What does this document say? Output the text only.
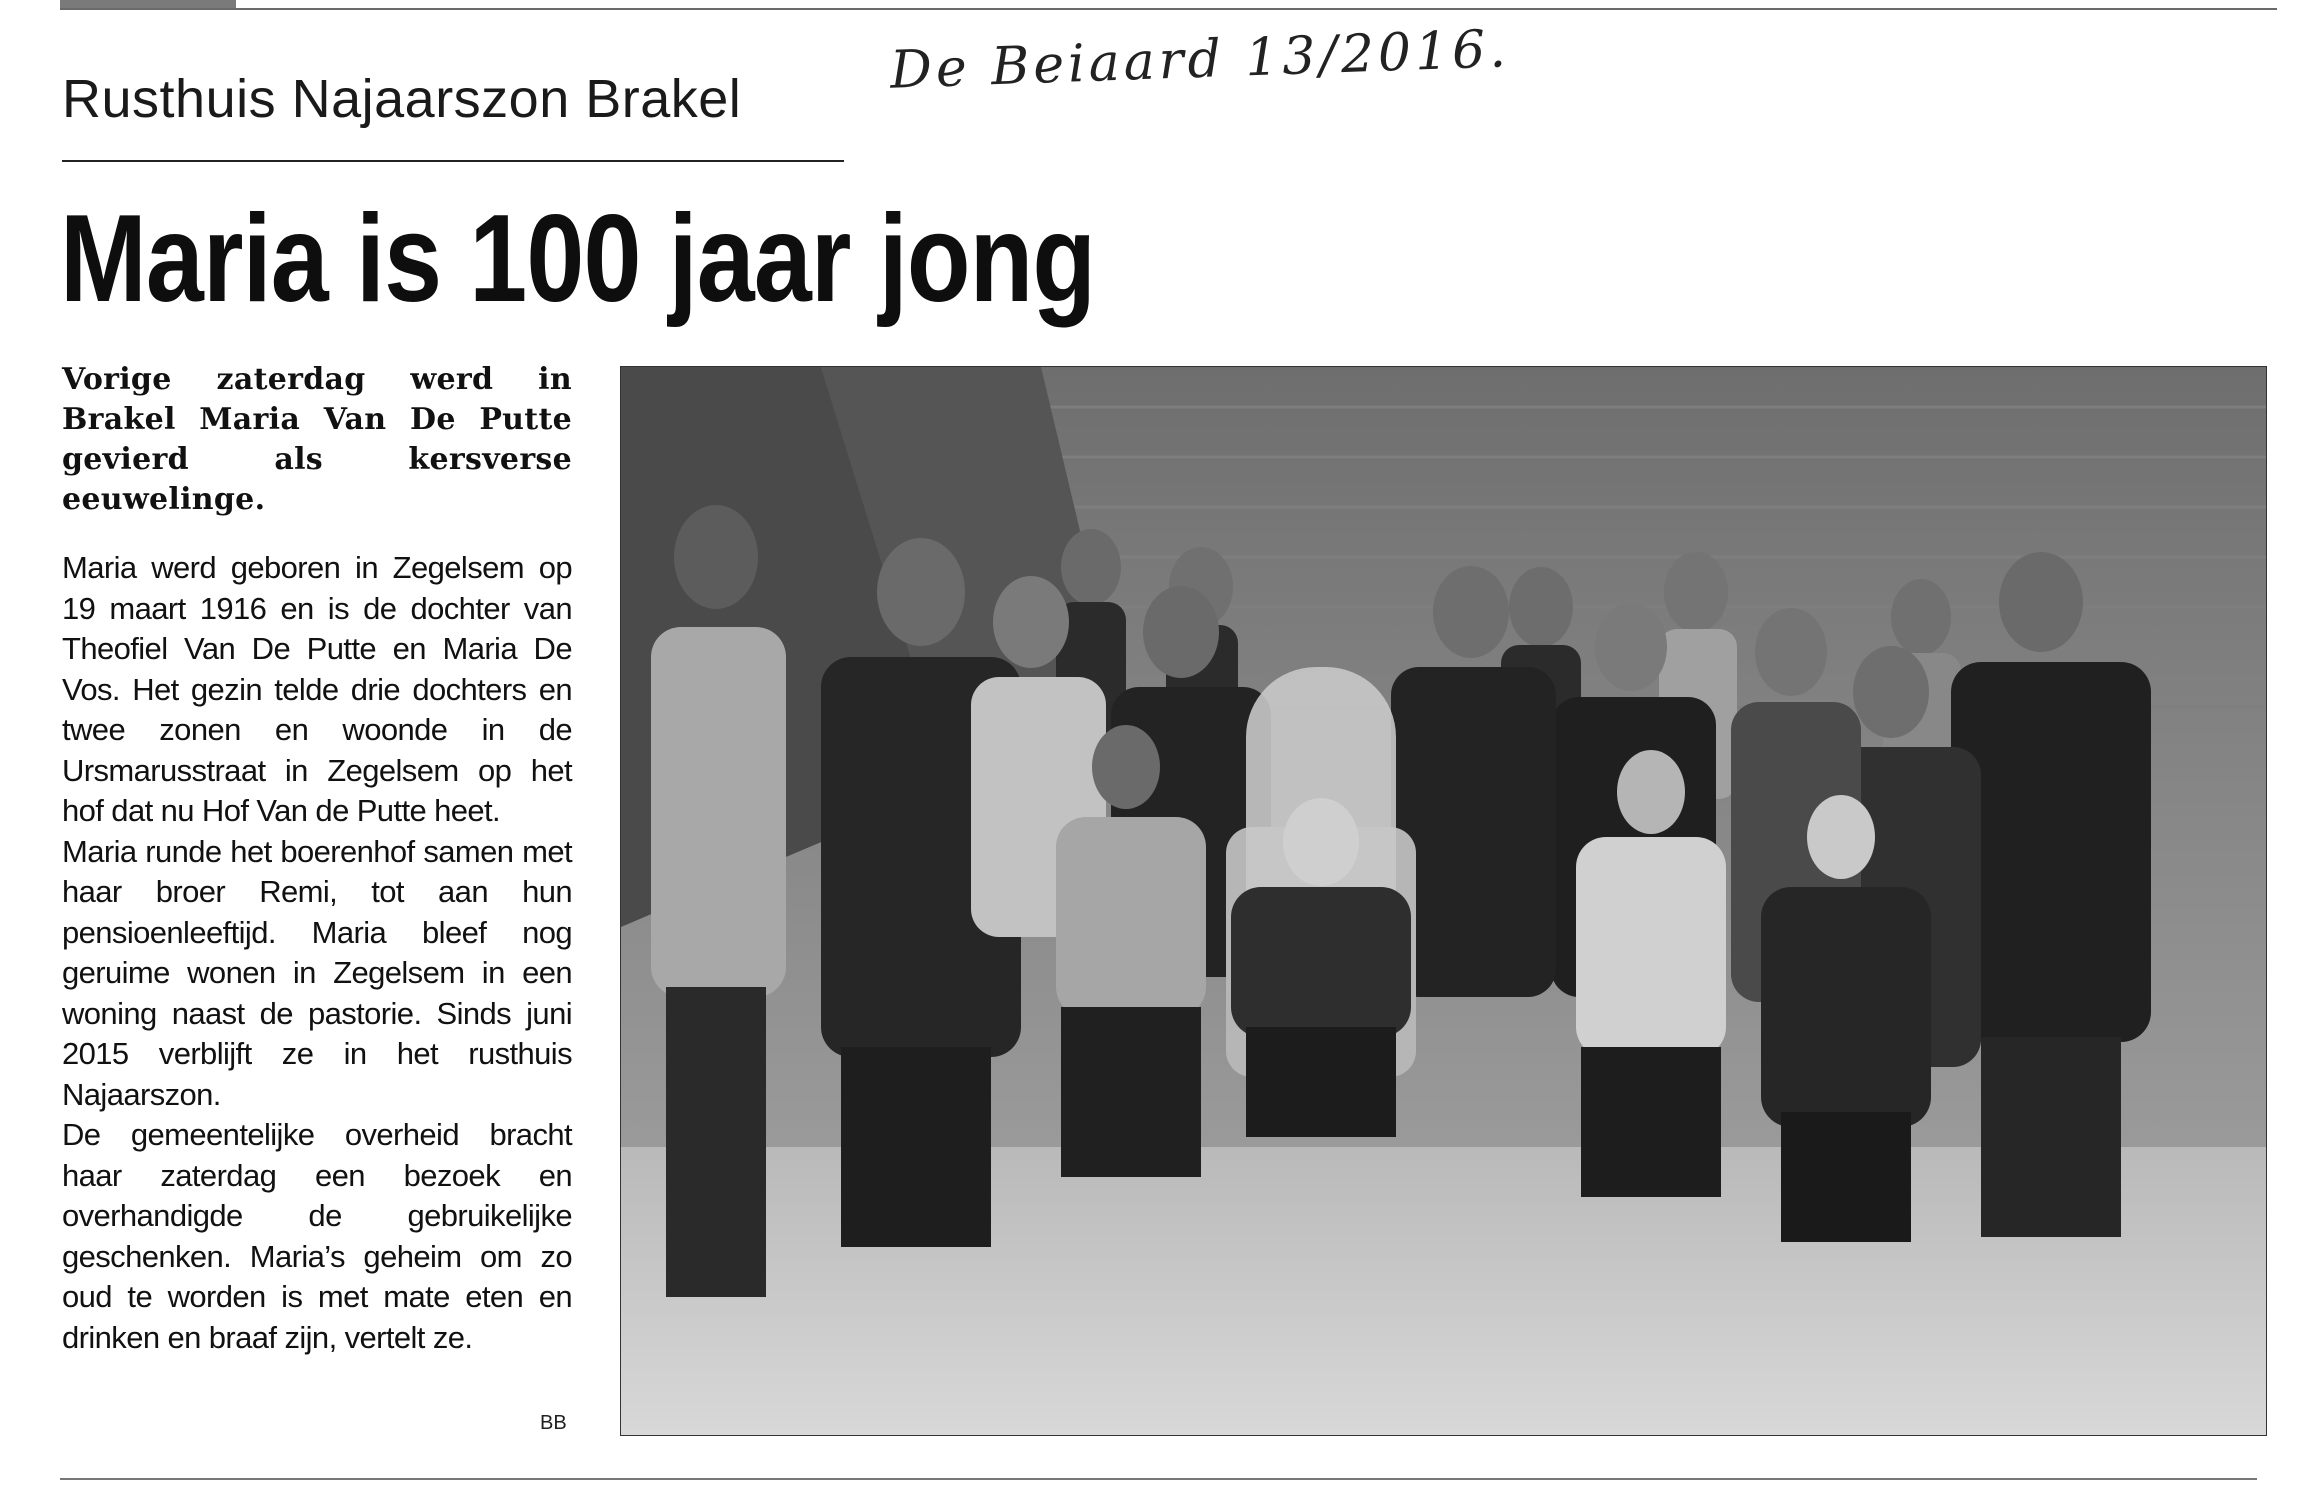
Rusthuis Najaarszon Brakel	De Beiaard 13/2016.
Maria is 100 jaar jong

Vorige zaterdag werd in Brakel Maria Van De Putte gevierd als kersverse eeuwelinge.

Maria werd geboren in Zegelsem op 19 maart 1916 en is de dochter van Theofiel Van De Putte en Maria De Vos. Het gezin telde drie dochters en twee zonen en woonde in de Ursmarusstraat in Zegelsem op het hof dat nu Hof Van de Putte heet.
Maria runde het boerenhof samen met haar broer Remi, tot aan hun pensioenleeftijd. Maria bleef nog geruime wonen in Zegelsem in een woning naast de pastorie. Sinds juni 2015 verblijft ze in het rusthuis Najaarszon.
De gemeentelijke overheid bracht haar zaterdag een bezoek en overhandigde de gebruikelijke geschenken. Maria’s geheim om zo oud te worden is met mate eten en drinken en braaf zijn, vertelt ze.

BB
